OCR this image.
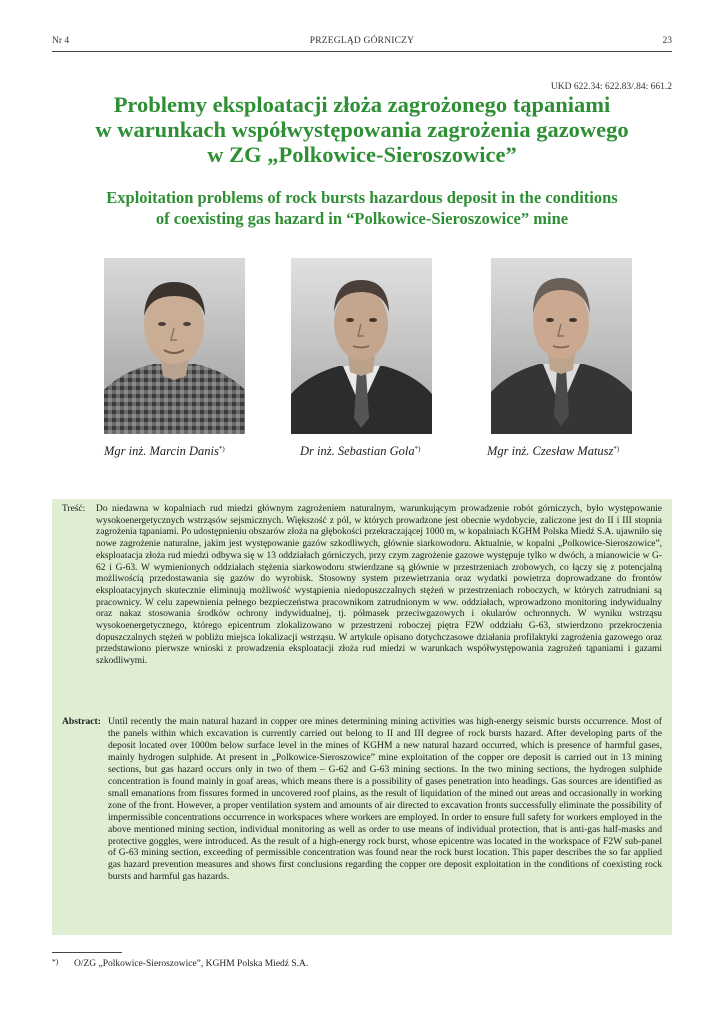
Nr 4	PRZEGLĄD GÓRNICZY	23
UKD 622.34: 622.83/.84: 661.2
Problemy eksploatacji złoża zagrożonego tąpaniami
w warunkach współwystępowania zagrożenia gazowego
w ZG „Polkowice-Sieroszowice”
Exploitation problems of rock bursts hazardous deposit in the conditions
of coexisting gas hazard in “Polkowice-Sieroszowice” mine
Mgr inż. Marcin Danis*)	Dr inż. Sebastian Gola*)	Mgr inż. Czesław Matusz*)
Treść: Do niedawna w kopalniach rud miedzi głównym zagrożeniem naturalnym, warunkującym prowadzenie robót górniczych, było występowanie wysokoenergetycznych wstrząsów sejsmicznych. Większość z pól, w których prowadzone jest obecnie wydobycie, zaliczone jest do II i III stopnia zagrożenia tąpaniami. Po udostępnieniu obszarów złoża na głębokości przekraczającej 1000 m, w kopalniach KGHM Polska Miedź S.A. ujawniło się nowe zagrożenie naturalne, jakim jest występowanie gazów szkodliwych, głównie siarkowodoru. Aktualnie, w kopalni „Polkowice-Sieroszowice”, eksploatacja złoża rud miedzi odbywa się w 13 oddziałach górniczych, przy czym zagrożenie gazowe występuje tylko w dwóch, a mianowicie w G-62 i G-63. W wymienionych oddziałach stężenia siarkowodoru stwierdzane są głównie w przestrzeniach zrobowych, co łączy się z potencjalną możliwością przedostawania się gazów do wyrobisk. Stosowny system przewietrzania oraz wydatki powietrza doprowadzane do frontów eksploatacyjnych skutecznie eliminują możliwość wystąpienia niedopuszczalnych stężeń w przestrzeniach roboczych, w których zatrudniani są pracownicy. W celu zapewnienia pełnego bezpieczeństwa pracownikom zatrudnionym w ww. oddziałach, wprowadzono monitoring indywidualny oraz nakaz stosowania środków ochrony indywidualnej, tj. półmasek przeciwgazowych i okularów ochronnych. W wyniku wstrząsu wysokoenergetycznego, którego epicentrum zlokalizowano w przestrzeni roboczej piętra F2W oddziału G-63, stwierdzono przekroczenia dopuszczalnych stężeń w pobliżu miejsca lokalizacji wstrząsu. W artykule opisano dotychczasowe działania profilaktyki zagrożenia gazowego oraz przedstawiono pierwsze wnioski z prowadzenia eksploatacji złoża rud miedzi w warunkach współwystępowania zagrożeń tąpaniami i gazami szkodliwymi.
Abstract: Until recently the main natural hazard in copper ore mines determining mining activities was high-energy seismic bursts occurrence. Most of the panels within which excavation is currently carried out belong to II and III degree of rock bursts hazard. After developing parts of the deposit located over 1000m below surface level in the mines of KGHM a new natural hazard occurred, which is presence of harmful gases, mainly hydrogen sulphide. At present in „Polkowice-Sieroszowice” mine exploitation of the copper ore deposit is carried out in 13 mining sections, but gas hazard occurs only in two of them – G-62 and G-63 mining sections. In the two mining sections, the hydrogen sulphide concentration is found mainly in goaf areas, which means there is a possibility of gases penetration into headings. Gas sources are identified as small emanations from fissures formed in uncovered roof plains, as the result of liquidation of the mined out areas and occasionally in working zone of the front. However, a proper ventilation system and amounts of air directed to excavation fronts successfully eliminate the possibility of impermissible concentrations occurrence in workspaces where workers are employed. In order to ensure full safety for workers employed in the above mentioned mining section, individual monitoring as well as order to use means of individual protection, that is anti-gas half-masks and protective goggles, were introduced. As the result of a high-energy rock burst, whose epicentre was located in the workspace of F2W sub-panel of G-63 mining section, exceeding of permissible concentration was found near the rock burst location. This paper describes the so far applied gas hazard prevention measures and shows first conclusions regarding the copper ore deposit exploitation in the conditions of coexisting rock bursts and harmful gas hazards.
*) O/ZG „Polkowice-Sieroszowice”, KGHM Polska Miedź S.A.
